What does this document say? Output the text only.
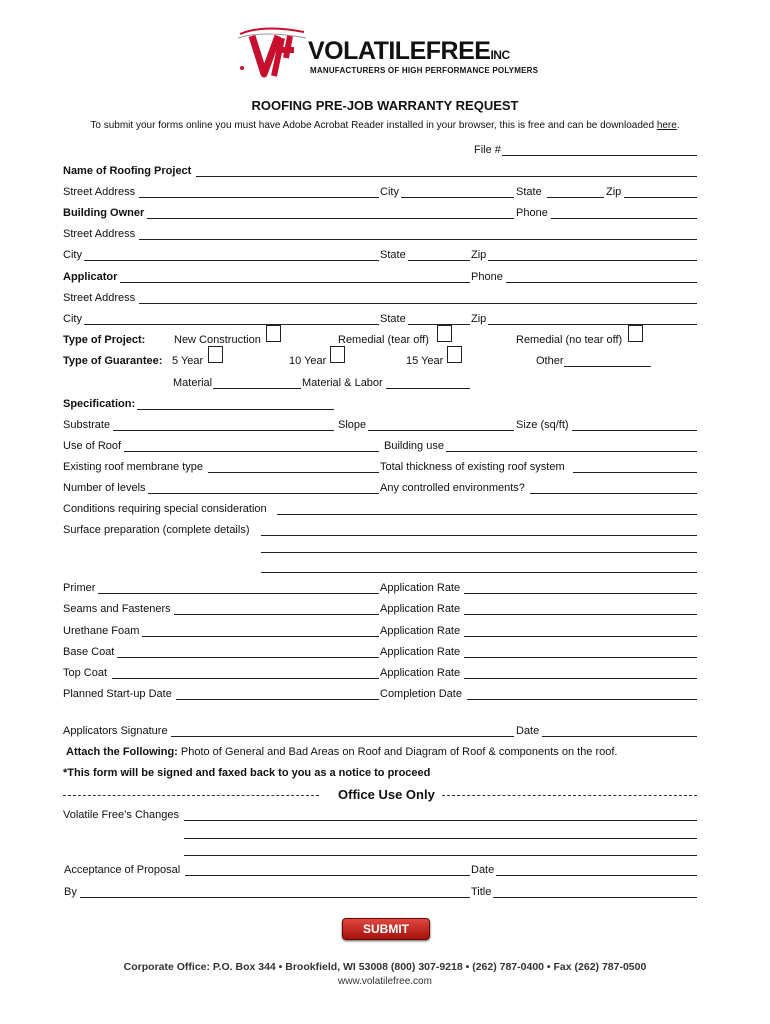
VOLATILEFREEINC
MANUFACTURERS OF HIGH PERFORMANCE POLYMERS
ROOFING PRE-JOB WARRANTY REQUEST
To submit your forms online you must have Adobe Acrobat Reader installed in your browser, this is free and can be downloaded here.
File #
Name of Roofing Project
Street Address	City	State	Zip
Building Owner	Phone
Street Address
City	State	Zip
Applicator	Phone
Street Address
City	State	Zip
Type of Project:	New Construction	Remedial (tear off)	Remedial (no tear off)
Type of Guarantee: 5 Year	10 Year	15 Year	Other
Material	Material & Labor
Specification:
Substrate	Slope	Size (sq/ft)
Use of Roof	Building use
Existing roof membrane type	Total thickness of existing roof system
Number of levels	Any controlled environments?
Conditions requiring special consideration
Surface preparation (complete details)
Primer	Application Rate
Seams and Fasteners	Application Rate
Urethane Foam	Application Rate
Base Coat	Application Rate
Top Coat	Application Rate
Planned Start-up Date	Completion Date
Applicators Signature	Date
Attach the Following: Photo of General and Bad Areas on Roof and Diagram of Roof & components on the roof.
*This form will be signed and faxed back to you as a notice to proceed
Office Use Only
Volatile Free’s Changes
Acceptance of Proposal	Date
By	Title
SUBMIT
Corporate Office: P.O. Box 344 • Brookfield, WI 53008 (800) 307-9218 • (262) 787-0400 • Fax (262) 787-0500
www.volatilefree.com
